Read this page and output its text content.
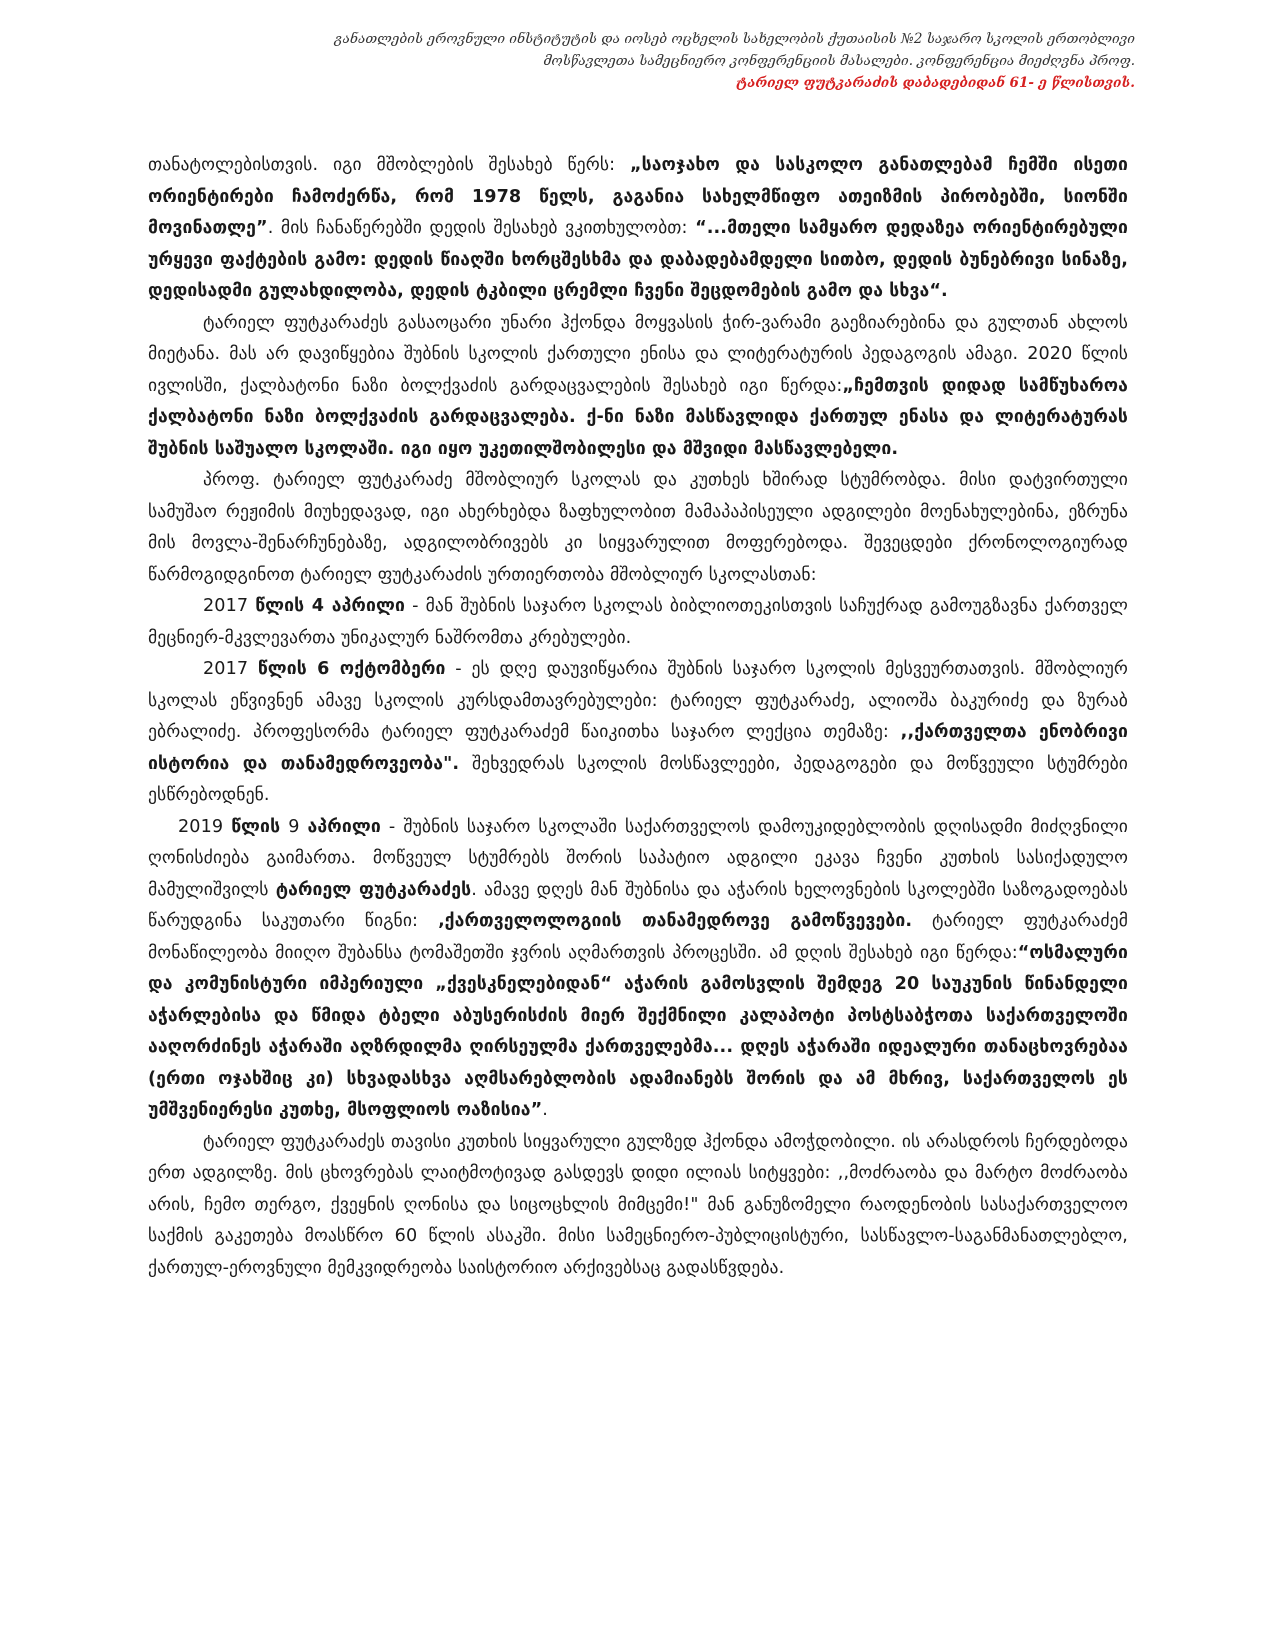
განათლების ეროვნული ინსტიტუტის და იოსებ ოცხელის სახელობის ქუთაისის №2 საჯარო სკოლის ერთობლივი
მოსწავლეთა სამეცნიერო კონფერენციის მასალები. კონფერენცია მიეძღვნა პროფ.
ტარიელ ფუტკარაძის დაბადებიდან 61- ე წლისთვის.

თანატოლებისთვის. იგი მშობლების შესახებ წერს: „საოჯახო და სასკოლო განათლებამ ჩემში ისეთი ორიენტირები ჩამოძერწა, რომ 1978 წელს, გაგანია სახელმწიფო ათეიზმის პირობებში, სიონში მოვინათლე”. მის ჩანაწერებში დედის შესახებ ვკითხულობთ: “...მთელი სამყარო დედაზეა ორიენტირებული ურყევი ფაქტების გამო: დედის წიაღში ხორცშესხმა და დაბადებამდელი სითბო, დედის ბუნებრივი სინაზე, დედისადმი გულახდილობა, დედის ტკბილი ცრემლი ჩვენი შეცდომების გამო და სხვა“.

ტარიელ ფუტკარაძეს გასაოცარი უნარი ჰქონდა მოყვასის ჭირ-ვარამი გაეზიარებინა და გულთან ახლოს მიეტანა. მას არ დავიწყებია შუბნის სკოლის ქართული ენისა და ლიტერატურის პედაგოგის ამაგი. 2020 წლის ივლისში, ქალბატონი ნაზი ბოლქვაძის გარდაცვალების შესახებ იგი წერდა:„ჩემთვის დიდად სამწუხაროა ქალბატონი ნაზი ბოლქვაძის გარდაცვალება. ქ-ნი ნაზი მასწავლიდა ქართულ ენასა და ლიტერატურას შუბნის საშუალო სკოლაში. იგი იყო უკეთილშობილესი და მშვიდი მასწავლებელი.

პროფ. ტარიელ ფუტკარაძე მშობლიურ სკოლას და კუთხეს ხშირად სტუმრობდა. მისი დატვირთული სამუშაო რეჟიმის მიუხედავად, იგი ახერხებდა ზაფხულობით მამაპაპისეული ადგილები მოენახულებინა, ეზრუნა მის მოვლა-შენარჩუნებაზე, ადგილობრივებს კი სიყვარულით მოფერებოდა. შევეცდები ქრონოლოგიურად წარმოგიდგინოთ ტარიელ ფუტკარაძის ურთიერთობა მშობლიურ სკოლასთან:

2017 წლის 4 აპრილი - მან შუბნის საჯარო სკოლას ბიბლიოთეკისთვის საჩუქრად გამოუგზავნა ქართველ მეცნიერ-მკვლევართა უნიკალურ ნაშრომთა კრებულები.

2017 წლის 6 ოქტომბერი - ეს დღე დაუვიწყარია შუბნის საჯარო სკოლის მესვეურთათვის. მშობლიურ სკოლას ეწვივნენ ამავე სკოლის კურსდამთავრებულები: ტარიელ ფუტკარაძე, ალიოშა ბაკურიძე და ზურაბ ებრალიძე. პროფესორმა ტარიელ ფუტკარაძემ წაიკითხა საჯარო ლექცია თემაზე: ,,ქართველთა ენობრივი ისტორია და თანამედროვეობა". შეხვედრას სკოლის მოსწავლეები, პედაგოგები და მოწვეული სტუმრები ესწრებოდნენ.

2019 წლის 9 აპრილი - შუბნის საჯარო სკოლაში საქართველოს დამოუკიდებლობის დღისადმი მიძღვნილი ღონისძიება გაიმართა. მოწვეულ სტუმრებს შორის საპატიო ადგილი ეკავა ჩვენი კუთხის სასიქადულო მამულიშვილს ტარიელ ფუტკარაძეს. ამავე დღეს მან შუბნისა და აჭარის ხელოვნების სკოლებში საზოგადოებას წარუდგინა საკუთარი წიგნი: ‚ქართველოლოგიის თანამედროვე გამოწვევები. ტარიელ ფუტკარაძემ მონაწილეობა მიიღო შუბანსა ტომაშეთში ჯვრის აღმართვის პროცესში. ამ დღის შესახებ იგი წერდა:“ოსმალური და კომუნისტური იმპერიული „ქვესკნელებიდან“ აჭარის გამოსვლის შემდეგ 20 საუკუნის წინანდელი აჭარლებისა და წმიდა ტბელი აბუსერისძის მიერ შექმნილი კალაპოტი პოსტსაბჭოთა საქართველოში ააღორძინეს აჭარაში აღზრდილმა ღირსეულმა ქართველებმა... დღეს აჭარაში იდეალური თანაცხოვრებაა (ერთი ოჯახშიც კი) სხვადასხვა აღმსარებლობის ადამიანებს შორის და ამ მხრივ, საქართველოს ეს უმშვენიერესი კუთხე, მსოფლიოს ოაზისია”.

ტარიელ ფუტკარაძეს თავისი კუთხის სიყვარული გულზედ ჰქონდა ამოჭდობილი. ის არასდროს ჩერდებოდა ერთ ადგილზე. მის ცხოვრებას ლაიტმოტივად გასდევს დიდი ილიას სიტყვები: ,,მოძრაობა და მარტო მოძრაობა არის, ჩემო თერგო, ქვეყნის ღონისა და სიცოცხლის მიმცემი!" მან განუზომელი რაოდენობის სასაქართველოო საქმის გაკეთება მოასწრო 60 წლის ასაკში. მისი სამეცნიერო-პუბლიცისტური, სასწავლო-საგანმანათლებლო, ქართულ-ეროვნული მემკვიდრეობა საისტორიო არქივებსაც გადასწვდება.
